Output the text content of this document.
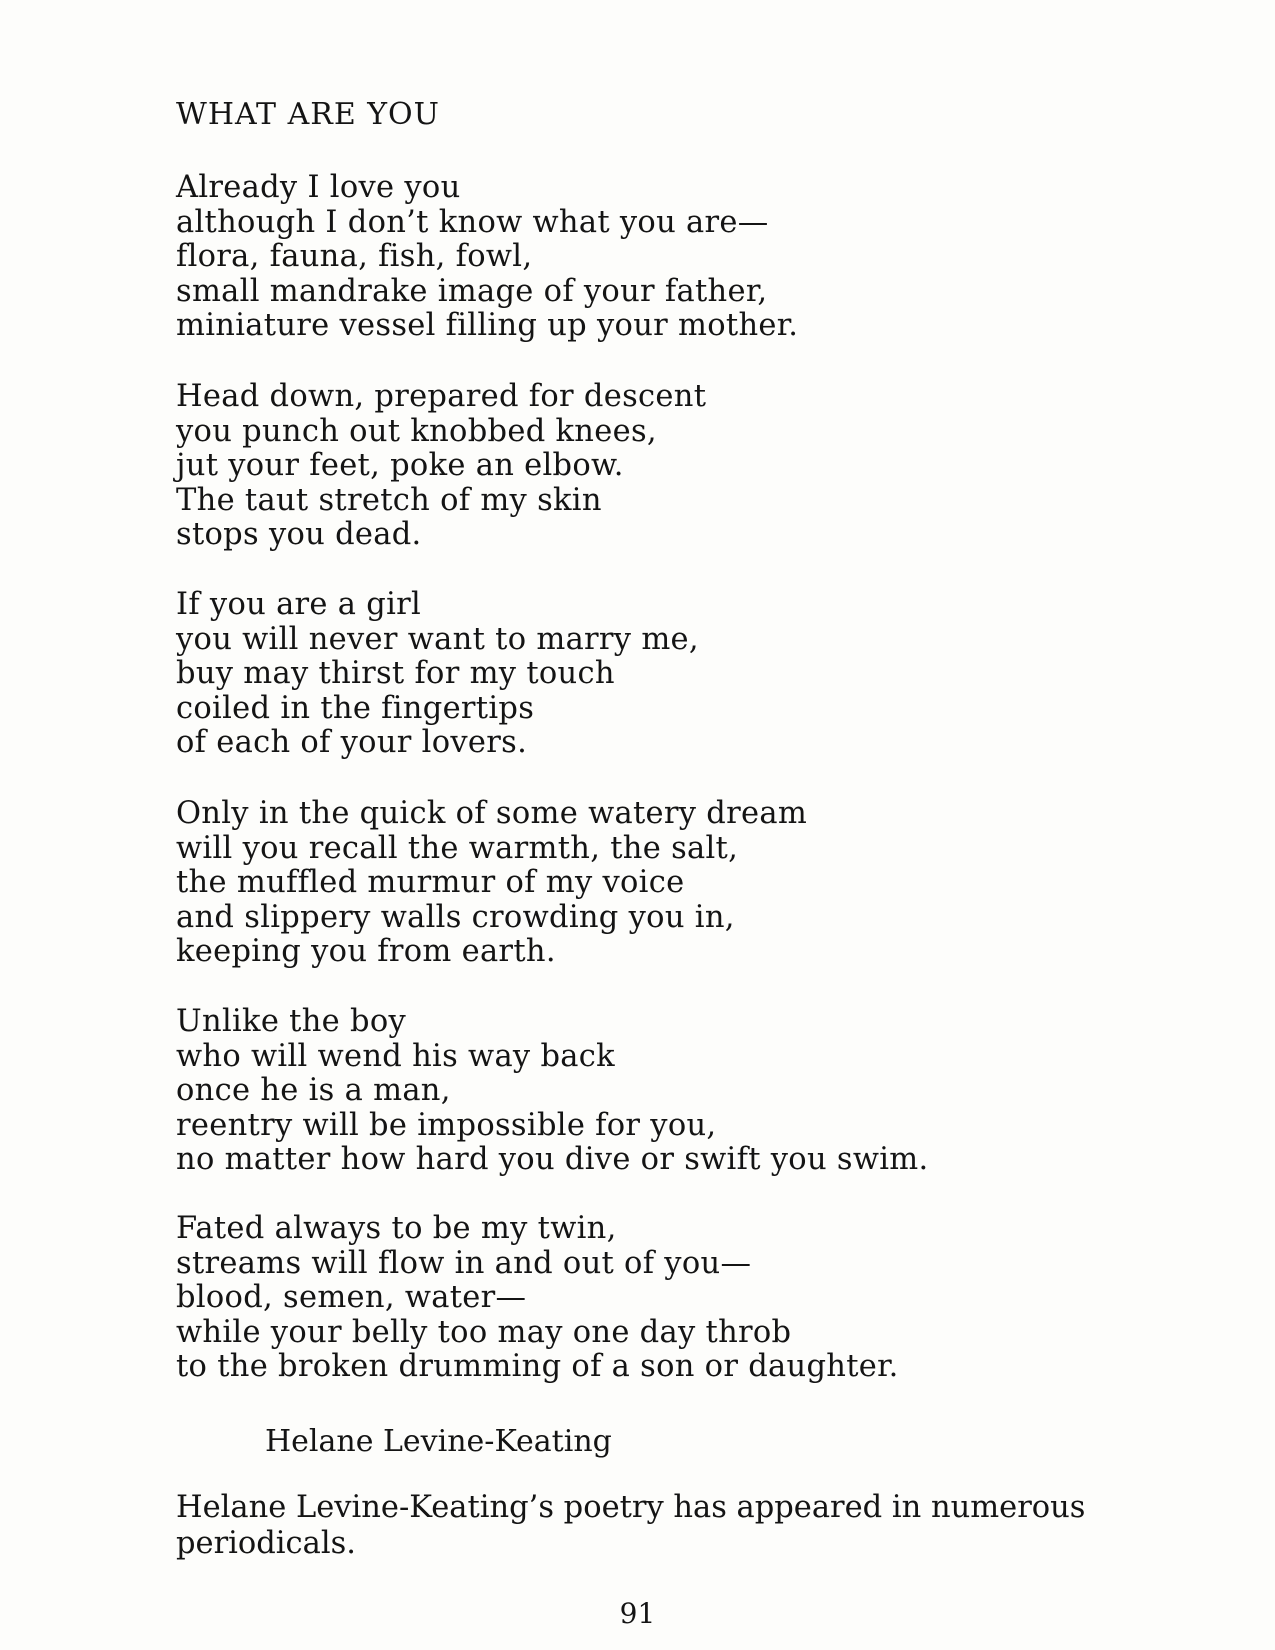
WHAT ARE YOU
Already I love you
although I don’t know what you are—
flora, fauna, fish, fowl,
small mandrake image of your father,
miniature vessel filling up your mother.
Head down, prepared for descent
you punch out knobbed knees,
jut your feet, poke an elbow.
The taut stretch of my skin
stops you dead.
If you are a girl
you will never want to marry me,
buy may thirst for my touch
coiled in the fingertips
of each of your lovers.
Only in the quick of some watery dream
will you recall the warmth, the salt,
the muffled murmur of my voice
and slippery walls crowding you in,
keeping you from earth.
Unlike the boy
who will wend his way back
once he is a man,
reentry will be impossible for you,
no matter how hard you dive or swift you swim.
Fated always to be my twin,
streams will flow in and out of you—
blood, semen, water—
while your belly too may one day throb
to the broken drumming of a son or daughter.
Helane Levine-Keating
Helane Levine-Keating’s poetry has appeared in numerous
periodicals.
91
